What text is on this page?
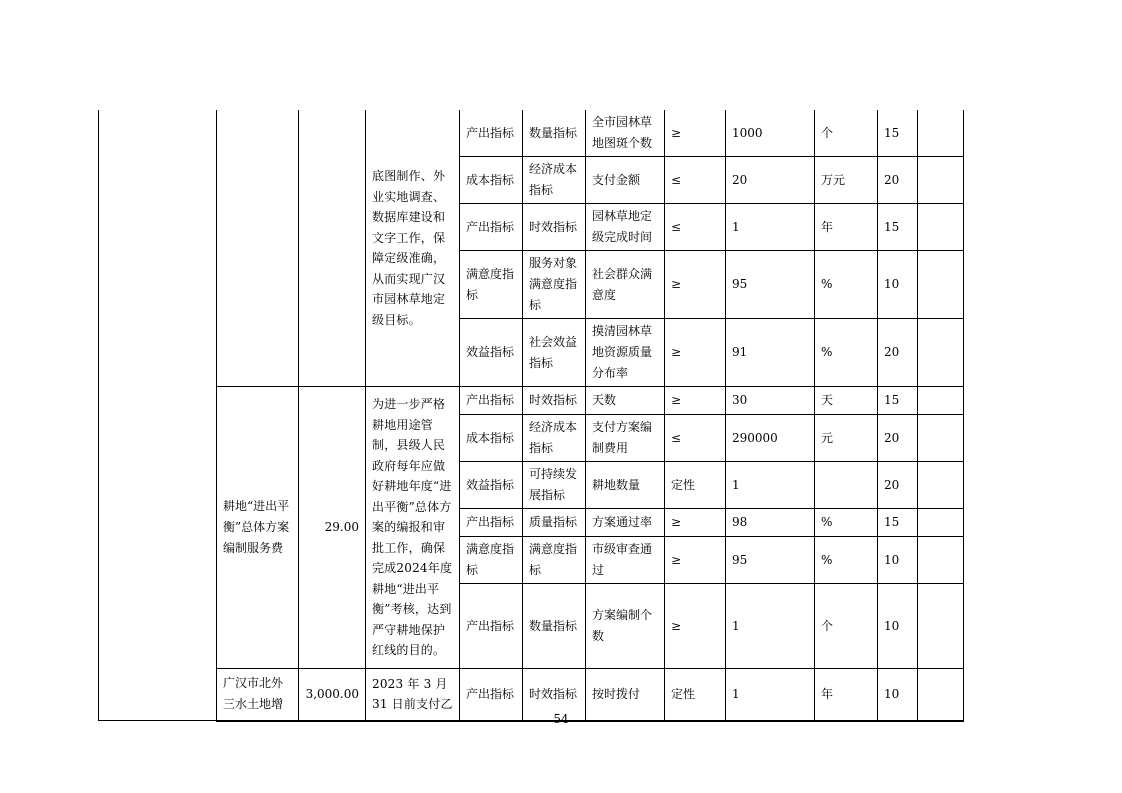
			底图制作、外业实地调查、数据库建设和文字工作，保障定级准确，从而实现广汉市园林草地定级目标。	产出指标	数量指标	全市园林草地图斑个数	≥	1000	个	15	
				成本指标	经济成本指标	支付金额	≤	20	万元	20	
				产出指标	时效指标	园林草地定级完成时间	≤	1	年	15	
				满意度指标	服务对象满意度指标	社会群众满意度	≥	95	%	10	
				效益指标	社会效益指标	摸清园林草地资源质量分布率	≥	91	%	20	
	耕地“进出平衡”总体方案编制服务费	29.00	为进一步严格耕地用途管制，县级人民政府每年应做好耕地年度“进出平衡”总体方案的编报和审批工作，确保完成2024年度耕地“进出平衡”考核，达到严守耕地保护红线的目的。	产出指标	时效指标	天数	≥	30	天	15	
				成本指标	经济成本指标	支付方案编制费用	≤	290000	元	20	
				效益指标	可持续发展指标	耕地数量	定性	1		20	
				产出指标	质量指标	方案通过率	≥	98	%	15	
				满意度指标	满意度指标	市级审查通过	≥	95	%	10	
				产出指标	数量指标	方案编制个数	≥	1	个	10	
	广汉市北外三水土地增	3,000.00	2023 年 3 月 31 日前支付乙	产出指标	时效指标	按时拨付	定性	1	年	10	
54
